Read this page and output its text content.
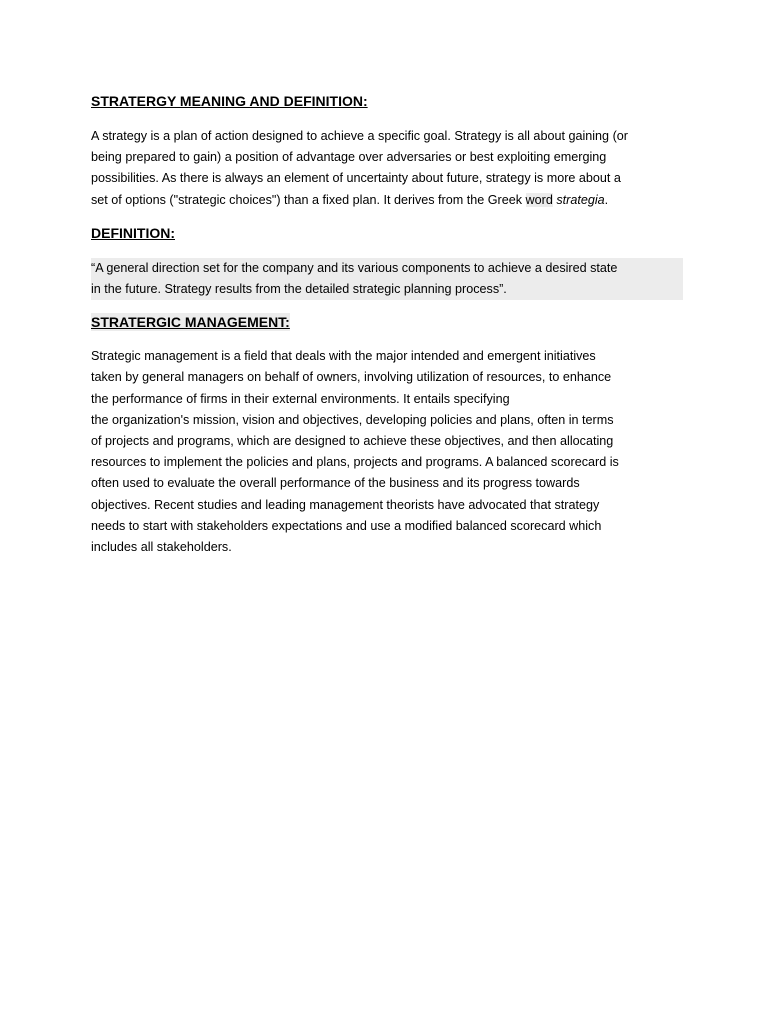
STRATERGY MEANING AND DEFINITION:

A strategy is a plan of action designed to achieve a specific goal. Strategy is all about gaining (or
being prepared to gain) a position of advantage over adversaries or best exploiting emerging
possibilities. As there is always an element of uncertainty about future, strategy is more about a
set of options ("strategic choices") than a fixed plan. It derives from the Greek word strategia.

DEFINITION:

“A general direction set for the company and its various components to achieve a desired state
in the future. Strategy results from the detailed strategic planning process”.

STRATERGIC MANAGEMENT:

Strategic management is a field that deals with the major intended and emergent initiatives
taken by general managers on behalf of owners, involving utilization of resources, to enhance
the performance of firms in their external environments. It entails specifying
the organization's mission, vision and objectives, developing policies and plans, often in terms
of projects and programs, which are designed to achieve these objectives, and then allocating
resources to implement the policies and plans, projects and programs. A balanced scorecard is
often used to evaluate the overall performance of the business and its progress towards
objectives. Recent studies and leading management theorists have advocated that strategy
needs to start with stakeholders expectations and use a modified balanced scorecard which
includes all stakeholders.
